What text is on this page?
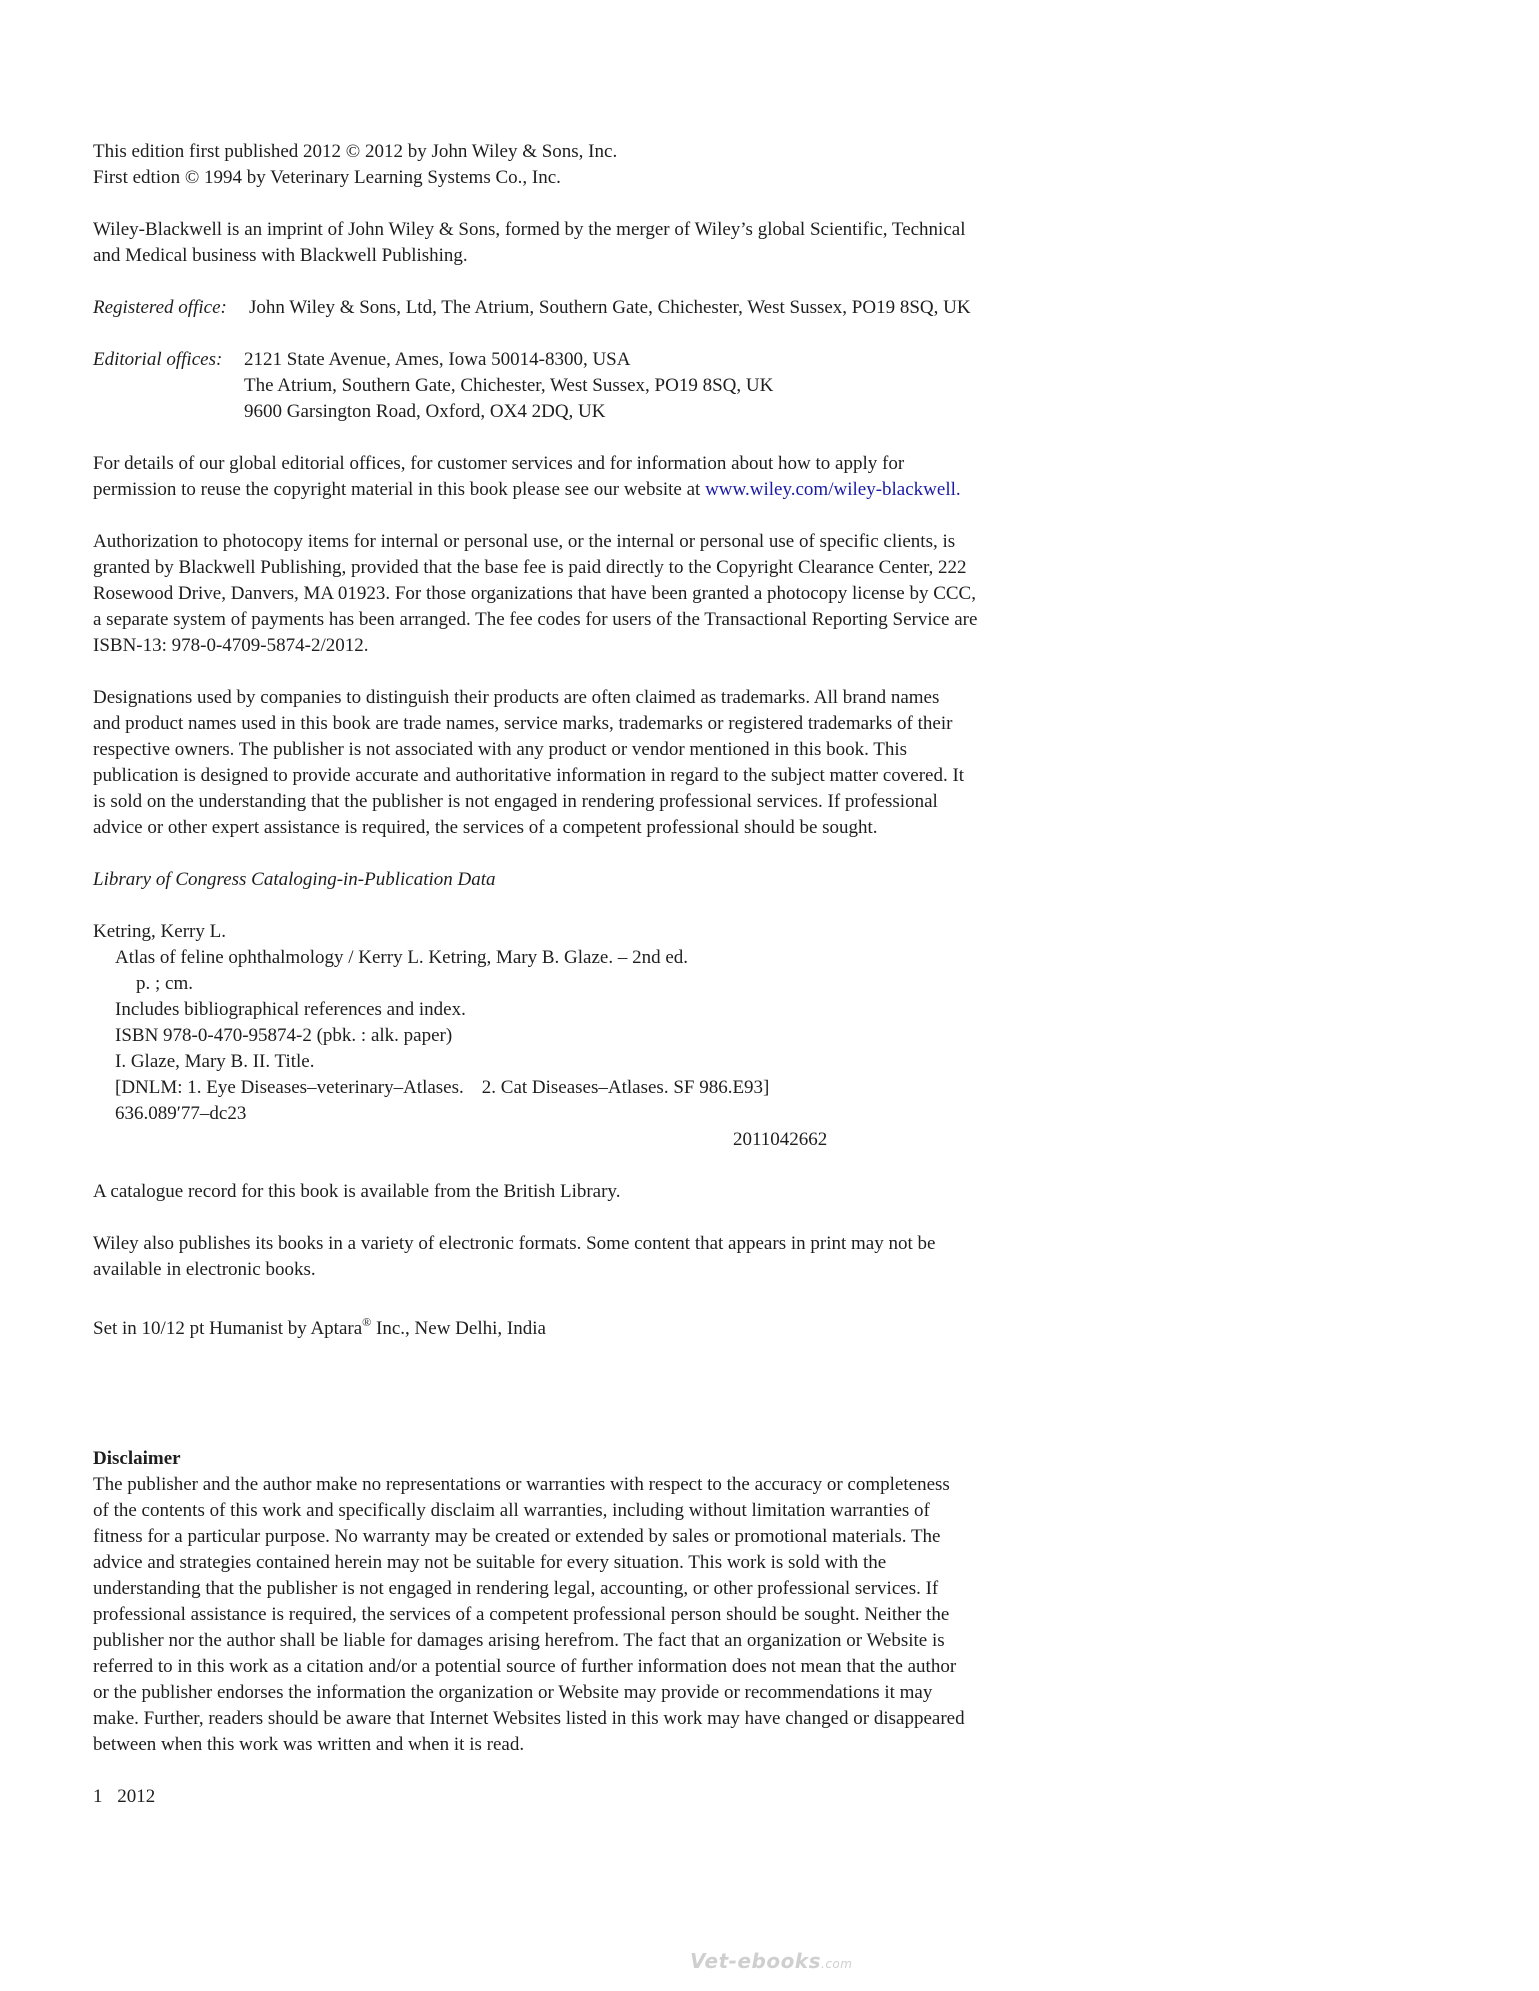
This edition first published 2012 © 2012 by John Wiley & Sons, Inc.

First edtion © 1994 by Veterinary Learning Systems Co., Inc.

Wiley-Blackwell is an imprint of John Wiley & Sons, formed by the merger of Wiley’s global Scientific, Technical

and Medical business with Blackwell Publishing.

Registered office:	John Wiley & Sons, Ltd, The Atrium, Southern Gate, Chichester, West Sussex, PO19 8SQ, UK
Editorial offices:	2121 State Avenue, Ames, Iowa 50014-8300, USA
The Atrium, Southern Gate, Chichester, West Sussex, PO19 8SQ, UK
9600 Garsington Road, Oxford, OX4 2DQ, UK

For details of our global editorial offices, for customer services and for information about how to apply for

permission to reuse the copyright material in this book please see our website at www.wiley.com/wiley-blackwell.

Authorization to photocopy items for internal or personal use, or the internal or personal use of specific clients, is

granted by Blackwell Publishing, provided that the base fee is paid directly to the Copyright Clearance Center, 222

Rosewood Drive, Danvers, MA 01923. For those organizations that have been granted a photocopy license by CCC,

a separate system of payments has been arranged. The fee codes for users of the Transactional Reporting Service are

ISBN-13: 978-0-4709-5874-2/2012.

Designations used by companies to distinguish their products are often claimed as trademarks. All brand names

and product names used in this book are trade names, service marks, trademarks or registered trademarks of their

respective owners. The publisher is not associated with any product or vendor mentioned in this book. This

publication is designed to provide accurate and authoritative information in regard to the subject matter covered. It

is sold on the understanding that the publisher is not engaged in rendering professional services. If professional

advice or other expert assistance is required, the services of a competent professional should be sought.

Library of Congress Cataloging-in-Publication Data

Ketring, Kerry L.

Atlas of feline ophthalmology / Kerry L. Ketring, Mary B. Glaze. – 2nd ed.

p. ; cm.

Includes bibliographical references and index.

ISBN 978-0-470-95874-2 (pbk. : alk. paper)

I. Glaze, Mary B. II. Title.

[DNLM: 1. Eye Diseases–veterinary–Atlases. 2. Cat Diseases–Atlases. SF 986.E93]

636.089′77–dc23

2011042662

A catalogue record for this book is available from the British Library.

Wiley also publishes its books in a variety of electronic formats. Some content that appears in print may not be

available in electronic books.

Set in 10/12 pt Humanist by Aptara® Inc., New Delhi, India

Disclaimer

The publisher and the author make no representations or warranties with respect to the accuracy or completeness

of the contents of this work and specifically disclaim all warranties, including without limitation warranties of

fitness for a particular purpose. No warranty may be created or extended by sales or promotional materials. The

advice and strategies contained herein may not be suitable for every situation. This work is sold with the

understanding that the publisher is not engaged in rendering legal, accounting, or other professional services. If

professional assistance is required, the services of a competent professional person should be sought. Neither the

publisher nor the author shall be liable for damages arising herefrom. The fact that an organization or Website is

referred to in this work as a citation and/or a potential source of further information does not mean that the author

or the publisher endorses the information the organization or Website may provide or recommendations it may

make. Further, readers should be aware that Internet Websites listed in this work may have changed or disappeared

between when this work was written and when it is read.

1 2012

Vet-ebooks.com
